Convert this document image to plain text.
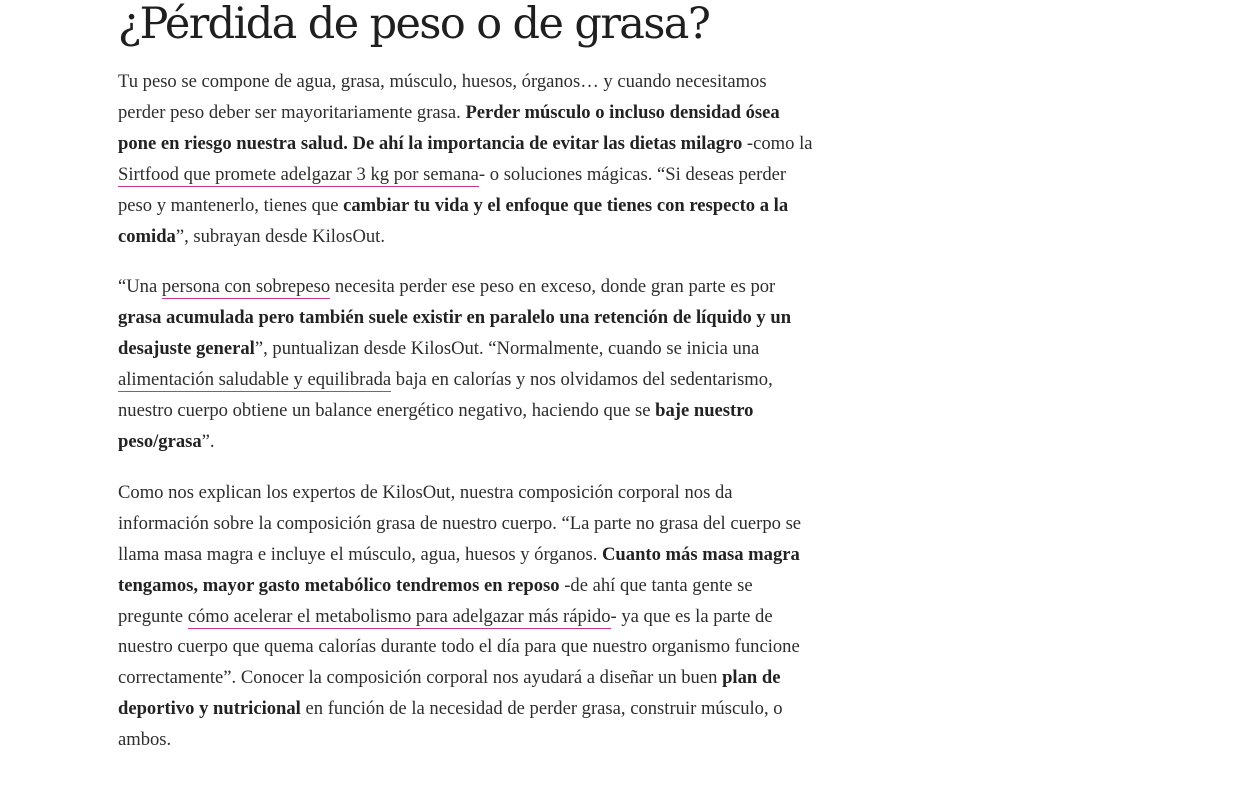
¿Pérdida de peso o de grasa?

Tu peso se compone de agua, grasa, músculo, huesos, órganos… y cuando necesitamos perder peso deber ser mayoritariamente grasa. Perder músculo o incluso densidad ósea pone en riesgo nuestra salud. De ahí la importancia de evitar las dietas milagro -como la Sirtfood que promete adelgazar 3 kg por semana- o soluciones mágicas. “Si deseas perder peso y mantenerlo, tienes que cambiar tu vida y el enfoque que tienes con respecto a la comida”, subrayan desde KilosOut.

“Una persona con sobrepeso necesita perder ese peso en exceso, donde gran parte es por grasa acumulada pero también suele existir en paralelo una retención de líquido y un desajuste general”, puntualizan desde KilosOut. “Normalmente, cuando se inicia una alimentación saludable y equilibrada baja en calorías y nos olvidamos del sedentarismo, nuestro cuerpo obtiene un balance energético negativo, haciendo que se baje nuestro peso/grasa”.

Como nos explican los expertos de KilosOut, nuestra composición corporal nos da información sobre la composición grasa de nuestro cuerpo. “La parte no grasa del cuerpo se llama masa magra e incluye el músculo, agua, huesos y órganos. Cuanto más masa magra tengamos, mayor gasto metabólico tendremos en reposo -de ahí que tanta gente se pregunte cómo acelerar el metabolismo para adelgazar más rápido- ya que es la parte de nuestro cuerpo que quema calorías durante todo el día para que nuestro organismo funcione correctamente”. Conocer la composición corporal nos ayudará a diseñar un buen plan de deportivo y nutricional en función de la necesidad de perder grasa, construir músculo, o ambos.
